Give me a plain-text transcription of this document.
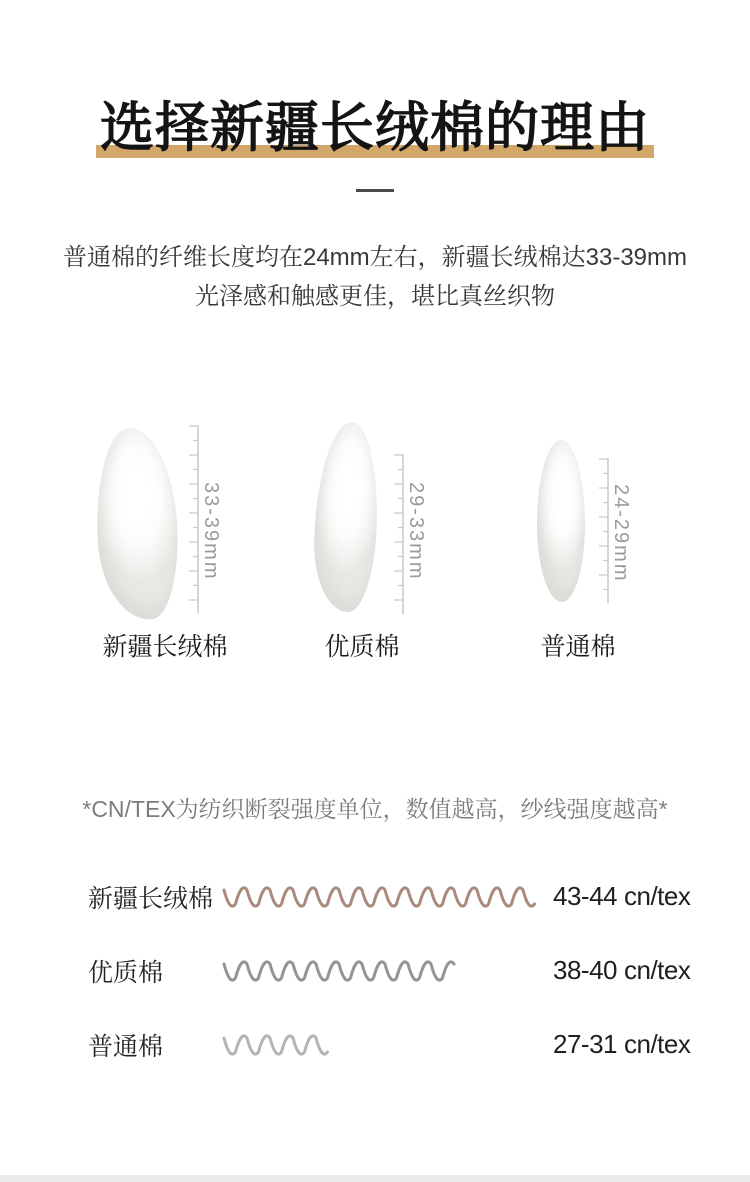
选择新疆长绒棉的理由

普通棉的纤维长度均在24mm左右，新疆长绒棉达33-39mm
光泽感和触感更佳，堪比真丝织物

33-39mm
新疆长绒棉
29-33mm
优质棉
24-29mm
普通棉

*CN/TEX为纺织断裂强度单位，数值越高，纱线强度越高*

新疆长绒棉	43-44 cn/tex
优质棉	38-40 cn/tex
普通棉	27-31 cn/tex
